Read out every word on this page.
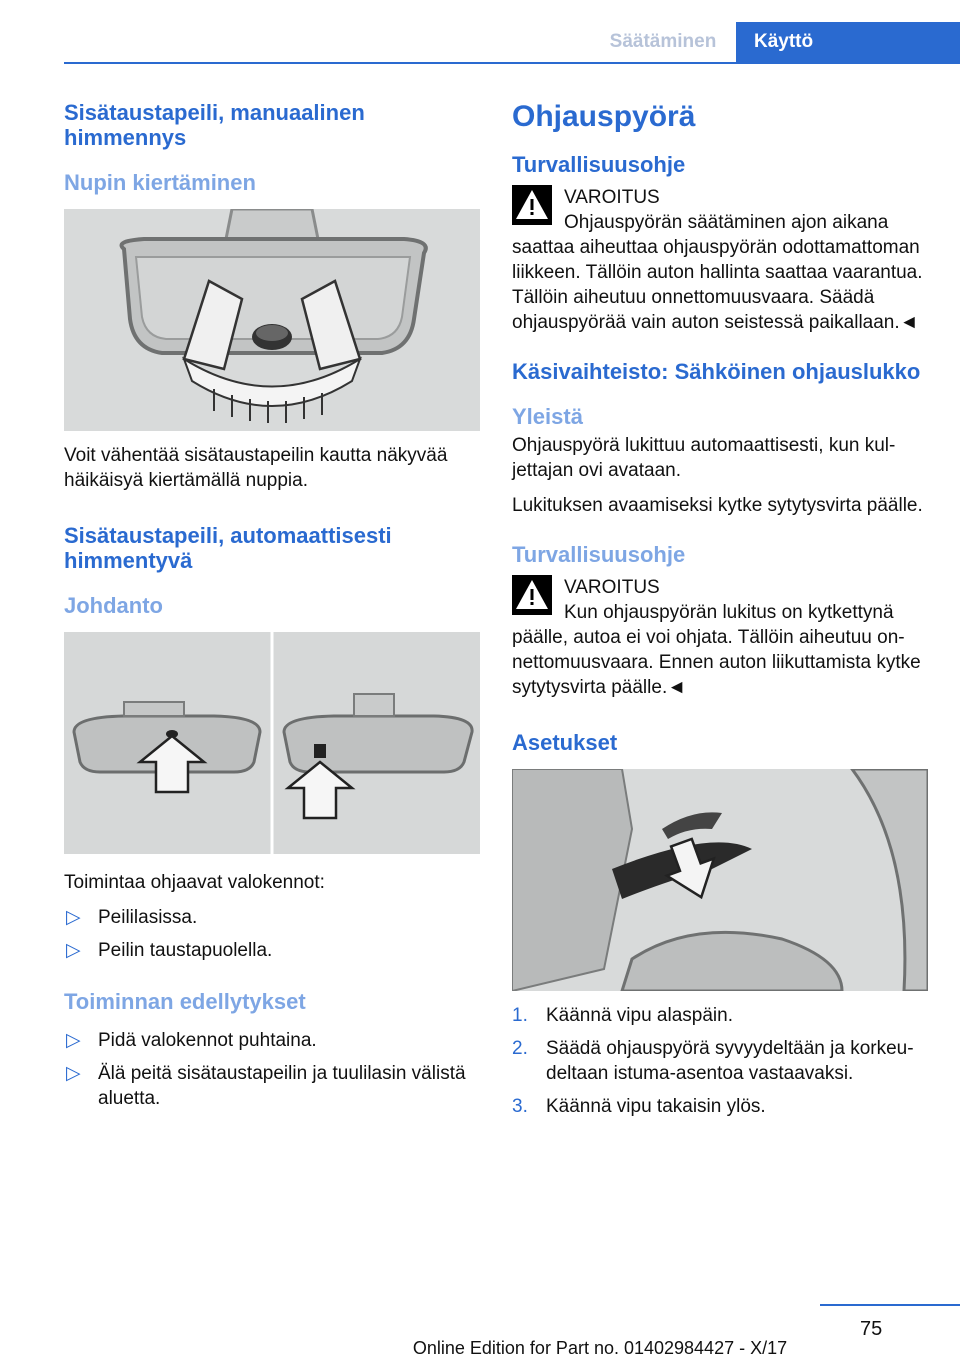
Säätäminen	Käyttö
Sisätaustapeili, manuaalinen himmennys
Nupin kiertäminen

Voit vähentää sisätaustapeilin kautta näkyvää häikäisyä kiertämällä nuppia.

Sisätaustapeili, automaattisesti himmentyvä
Johdanto

Toimintaa ohjaavat valokennot:

▷ Peililasissa.
▷ Peilin taustapuolella.
Toiminnan edellytykset
▷ Pidä valokennot puhtaina.
▷ Älä peitä sisätaustapeilin ja tuulilasin välistä aluetta.
Ohjauspyörä
Turvallisuusohje
VAROITUS
Ohjauspyörän säätäminen ajon aikana
saattaa aiheuttaa ohjauspyörän odottamattoman liikkeen. Tällöin auton hallinta saattaa vaarantua. Tällöin aiheutuu onnettomuusvaara. Säädä ohjauspyörää vain auton seistessä paikallaan.◄
Käsivaihteisto: Sähköinen ohjauslukko
Yleistä

Ohjauspyörä lukittuu automaattisesti, kun kuljettajan ovi avataan.

Lukituksen avaamiseksi kytke sytytysvirta päälle.

Turvallisuusohje
VAROITUS
Kun ohjauspyörän lukitus on kytkettynä
päälle, autoa ei voi ohjata. Tällöin aiheutuu onnettomuusvaara. Ennen auton liikuttamista kytke sytytysvirta päälle.◄
Asetukset
1. Käännä vipu alaspäin.
2. Säädä ohjauspyörä syvyydeltään ja korkeudeltaan istuma-asentoa vastaavaksi.
3. Käännä vipu takaisin ylös.
75
Online Edition for Part no. 01402984427 - X/17
